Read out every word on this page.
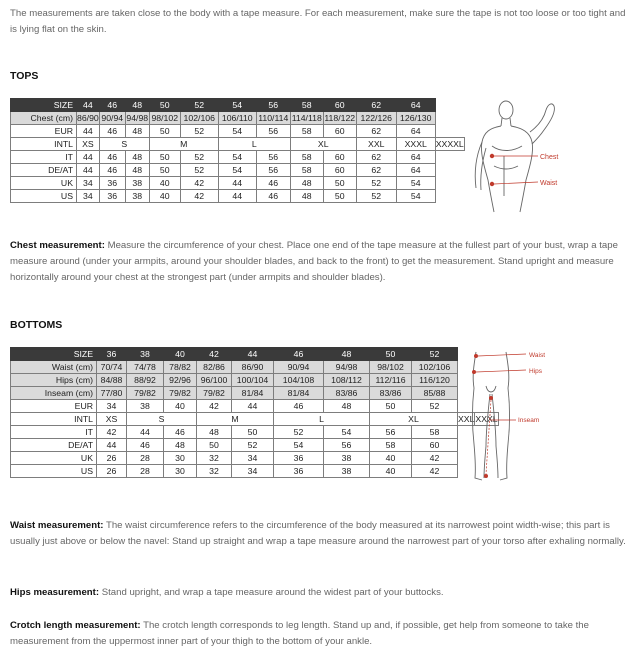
The measurements are taken close to the body with a tape measure. For each measurement, make sure the tape is not too loose or too tight and is lying flat on the skin.
TOPS
SIZE	44	46	48	50	52	54	56	58	60	62	64	
Chest (cm)	86/90	90/94	94/98	98/102	102/106	106/110	110/114	114/118	118/122	122/126	126/130	
EUR	44	46	48	50	52	54	56	58	60	62	64	
INTL	XS	S		M		L		XL		XXL	XXXL	XXXXL
IT	44	46	48	50	52	54	56	58	60	62	64	
DE/AT	44	46	48	50	52	54	56	58	60	62	64	
UK	34	36	38	40	42	44	46	48	50	52	54	
US	34	36	38	40	42	44	46	48	50	52	54	
Chest
Waist
Chest measurement: Measure the circumference of your chest. Place one end of the tape measure at the fullest part of your bust, wrap a tape measure around (under your armpits, around your shoulder blades, and back to the front) to get the measurement. Stand upright and measure horizontally around your chest at the strongest part (under armpits and shoulder blades).
BOTTOMS
SIZE	36	38	40	42	44	46	48	50	52		
Waist (cm)	70/74	74/78	78/82	82/86	86/90	90/94	94/98	98/102	102/106		
Hips (cm)	84/88	88/92	92/96	96/100	100/104	104/108	108/112	112/116	116/120		
Inseam (cm)	77/80	79/82	79/82	79/82	81/84	81/84	83/86	83/86	85/88		
EUR	34	38	40	42	44	46	48	50	52		
INTL	XS	S		M		L		XL		XXL	XXXL
IT	42	44	46	48	50	52	54	56	58		
DE/AT	44	46	48	50	52	54	56	58	60		
UK	26	28	30	32	34	36	38	40	42		
US	26	28	30	32	34	36	38	40	42		
Waist
Hips
Inseam
Waist measurement: The waist circumference refers to the circumference of the body measured at its narrowest point width-wise; this part is usually just above or below the navel: Stand up straight and wrap a tape measure around the narrowest part of your torso after exhaling normally.
Hips measurement: Stand upright, and wrap a tape measure around the widest part of your buttocks.
Crotch length measurement: The crotch length corresponds to leg length. Stand up and, if possible, get help from someone to take the measurement from the uppermost inner part of your thigh to the bottom of your ankle.
